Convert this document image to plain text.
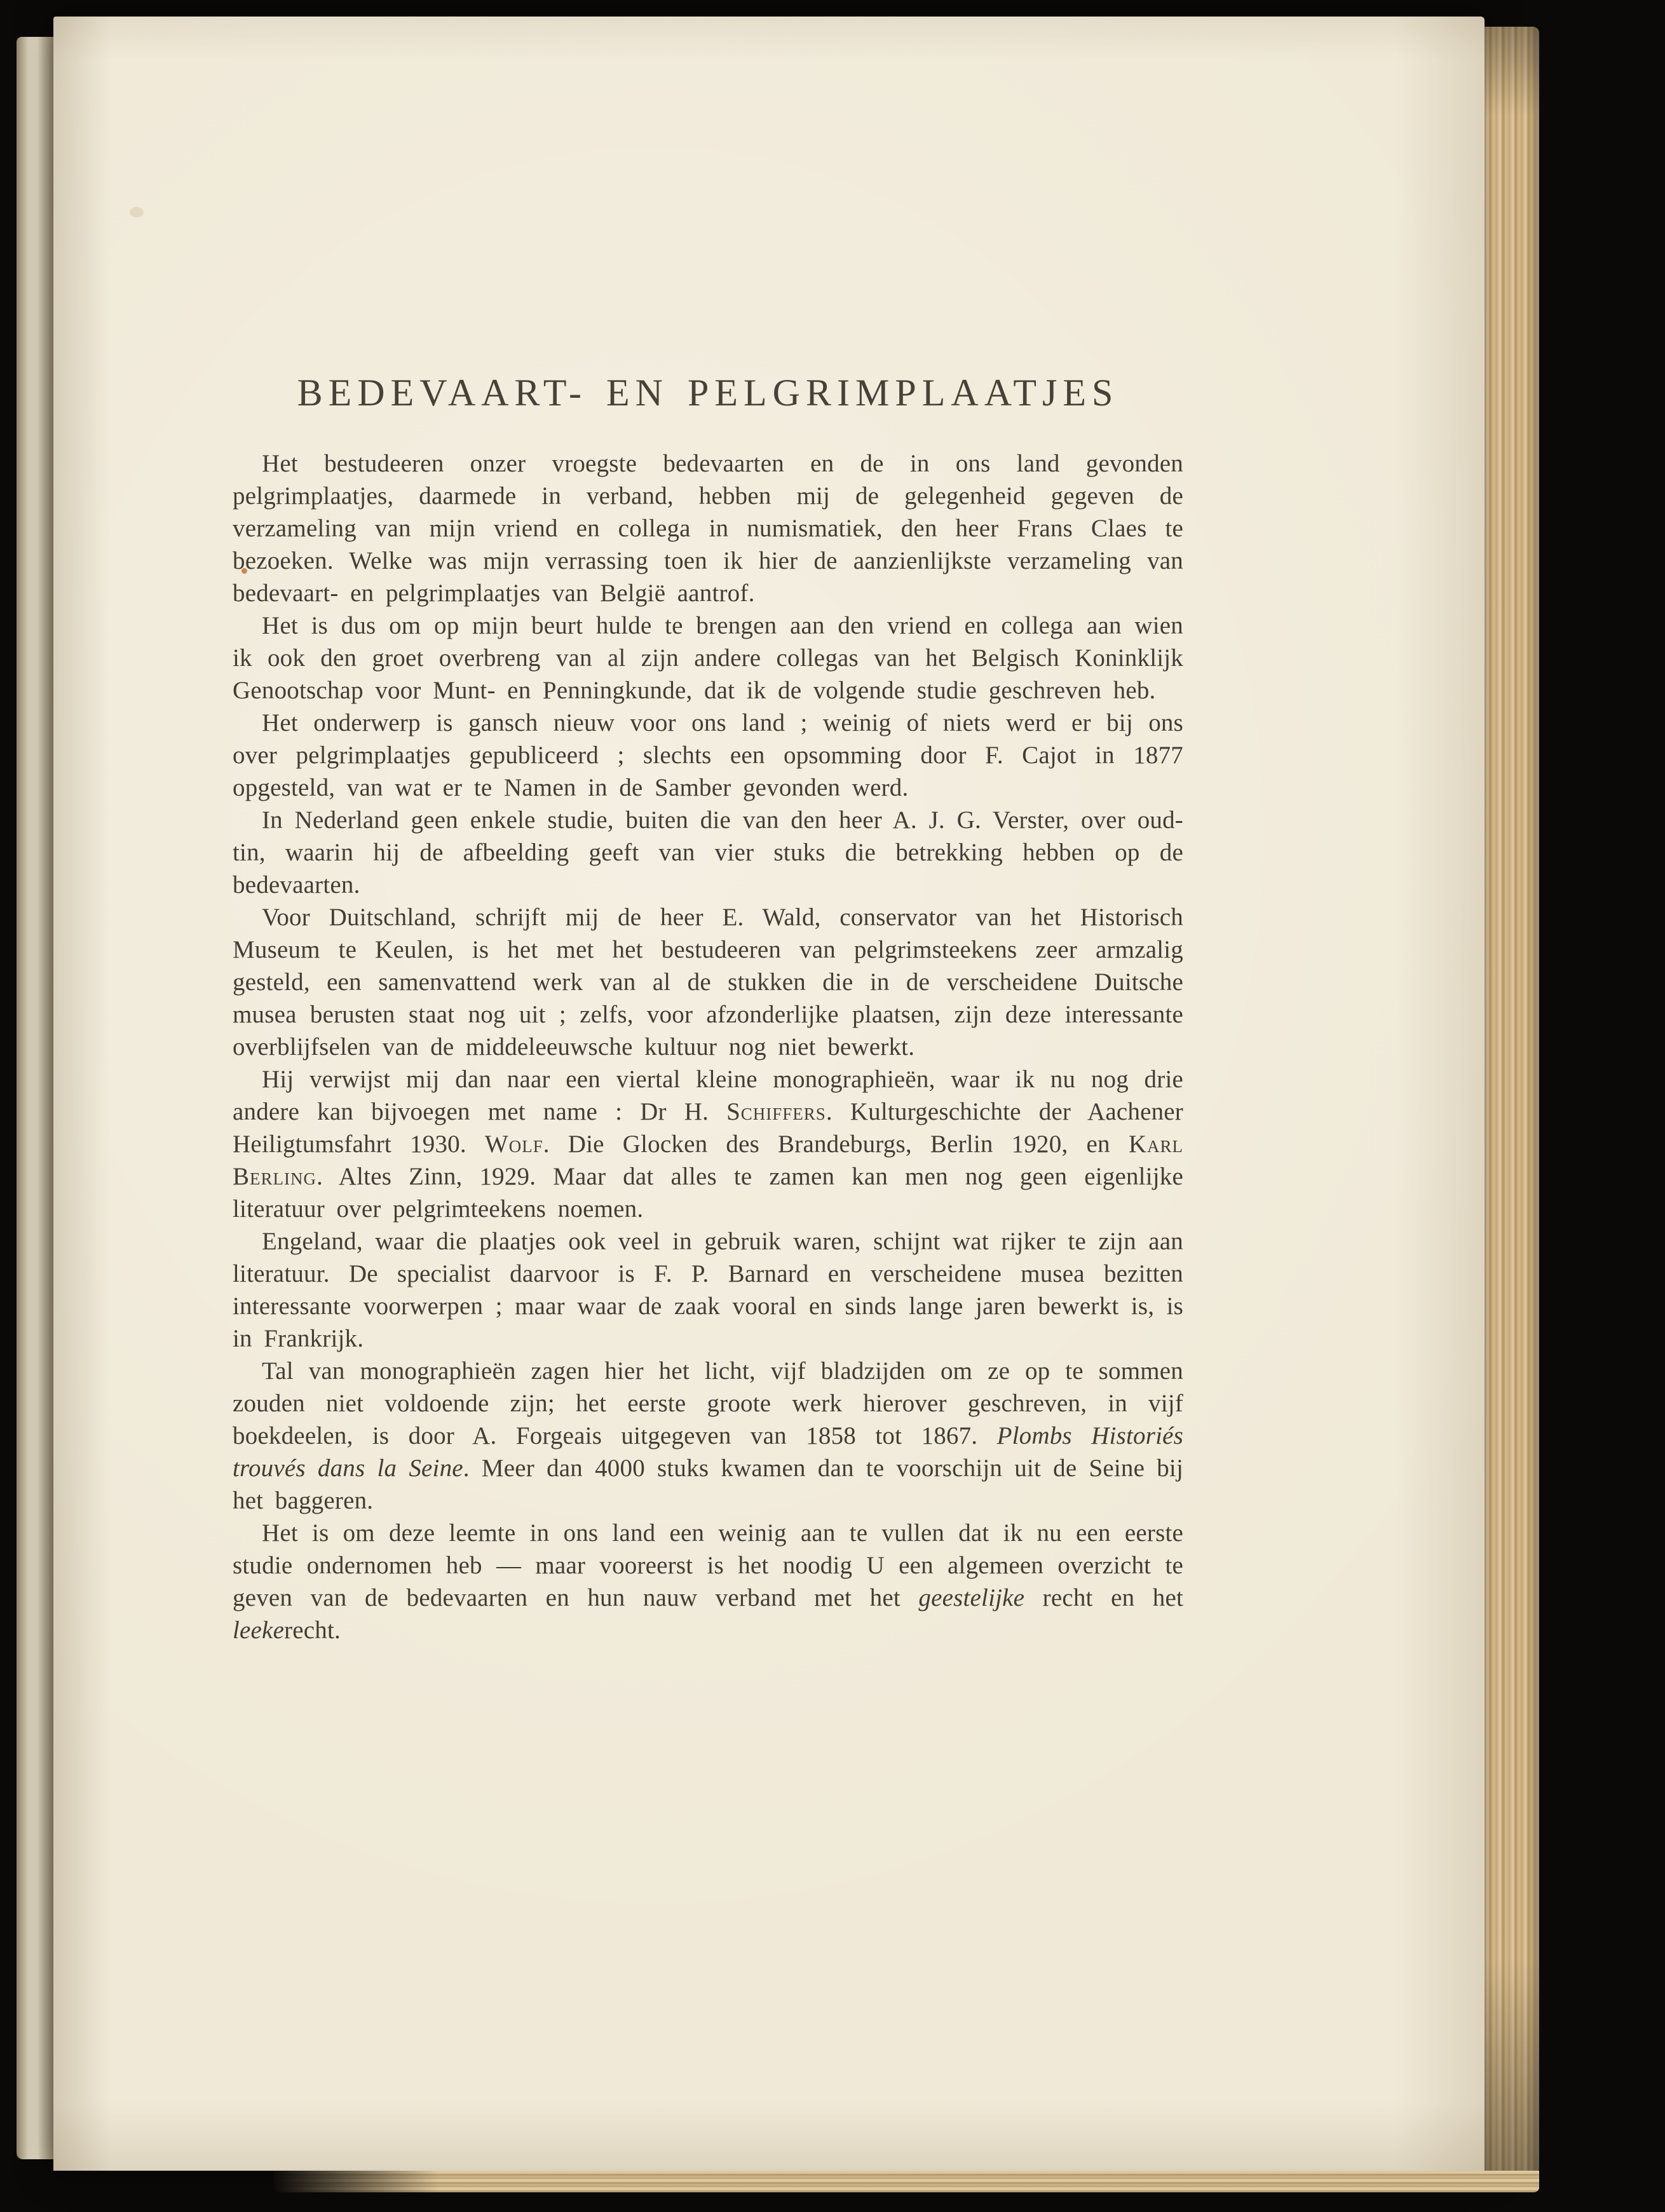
BEDEVAART- EN PELGRIMPLAATJES

Het bestudeeren onzer vroegste bedevaarten en de in ons land gevonden pelgrimplaatjes, daarmede in verband, hebben mij de gelegenheid gegeven de verzameling van mijn vriend en collega in numismatiek, den heer Frans Claes te bezoeken. Welke was mijn verrassing toen ik hier de aanzienlijkste verzameling van bedevaart- en pelgrimplaatjes van België aantrof.

Het is dus om op mijn beurt hulde te brengen aan den vriend en collega aan wien ik ook den groet overbreng van al zijn andere collegas van het Belgisch Koninklijk Genootschap voor Munt- en Penningkunde, dat ik de volgende studie geschreven heb.

Het onderwerp is gansch nieuw voor ons land ; weinig of niets werd er bij ons over pelgrimplaatjes gepubliceerd ; slechts een opsomming door F. Cajot in 1877 opgesteld, van wat er te Namen in de Samber gevonden werd.

In Nederland geen enkele studie, buiten die van den heer A. J. G. Verster, over oud-tin, waarin hij de afbeelding geeft van vier stuks die betrekking hebben op de bedevaarten.

Voor Duitschland, schrijft mij de heer E. Wald, conservator van het Historisch Museum te Keulen, is het met het bestudeeren van pelgrimsteekens zeer armzalig gesteld, een samenvattend werk van al de stukken die in de verscheidene Duitsche musea berusten staat nog uit ; zelfs, voor afzonderlijke plaatsen, zijn deze interessante overblijfselen van de middeleeuwsche kultuur nog niet bewerkt.

Hij verwijst mij dan naar een viertal kleine monographieën, waar ik nu nog drie andere kan bijvoegen met name : Dr H. Schiffers. Kulturgeschichte der Aachener Heiligtumsfahrt 1930. Wolf. Die Glocken des Brandeburgs, Berlin 1920, en Karl Berling. Altes Zinn, 1929. Maar dat alles te zamen kan men nog geen eigenlijke literatuur over pelgrimteekens noemen.

Engeland, waar die plaatjes ook veel in gebruik waren, schijnt wat rijker te zijn aan literatuur. De specialist daarvoor is F. P. Barnard en verscheidene musea bezitten interessante voorwerpen ; maar waar de zaak vooral en sinds lange jaren bewerkt is, is in Frankrijk.

Tal van monographieën zagen hier het licht, vijf bladzijden om ze op te sommen zouden niet voldoende zijn; het eerste groote werk hierover geschreven, in vijf boekdeelen, is door A. Forgeais uitgegeven van 1858 tot 1867. Plombs Historiés trouvés dans la Seine. Meer dan 4000 stuks kwamen dan te voorschijn uit de Seine bij het baggeren.

Het is om deze leemte in ons land een weinig aan te vullen dat ik nu een eerste studie ondernomen heb — maar vooreerst is het noodig U een algemeen overzicht te geven van de bedevaarten en hun nauw verband met het geestelijke recht en het leekerecht.
